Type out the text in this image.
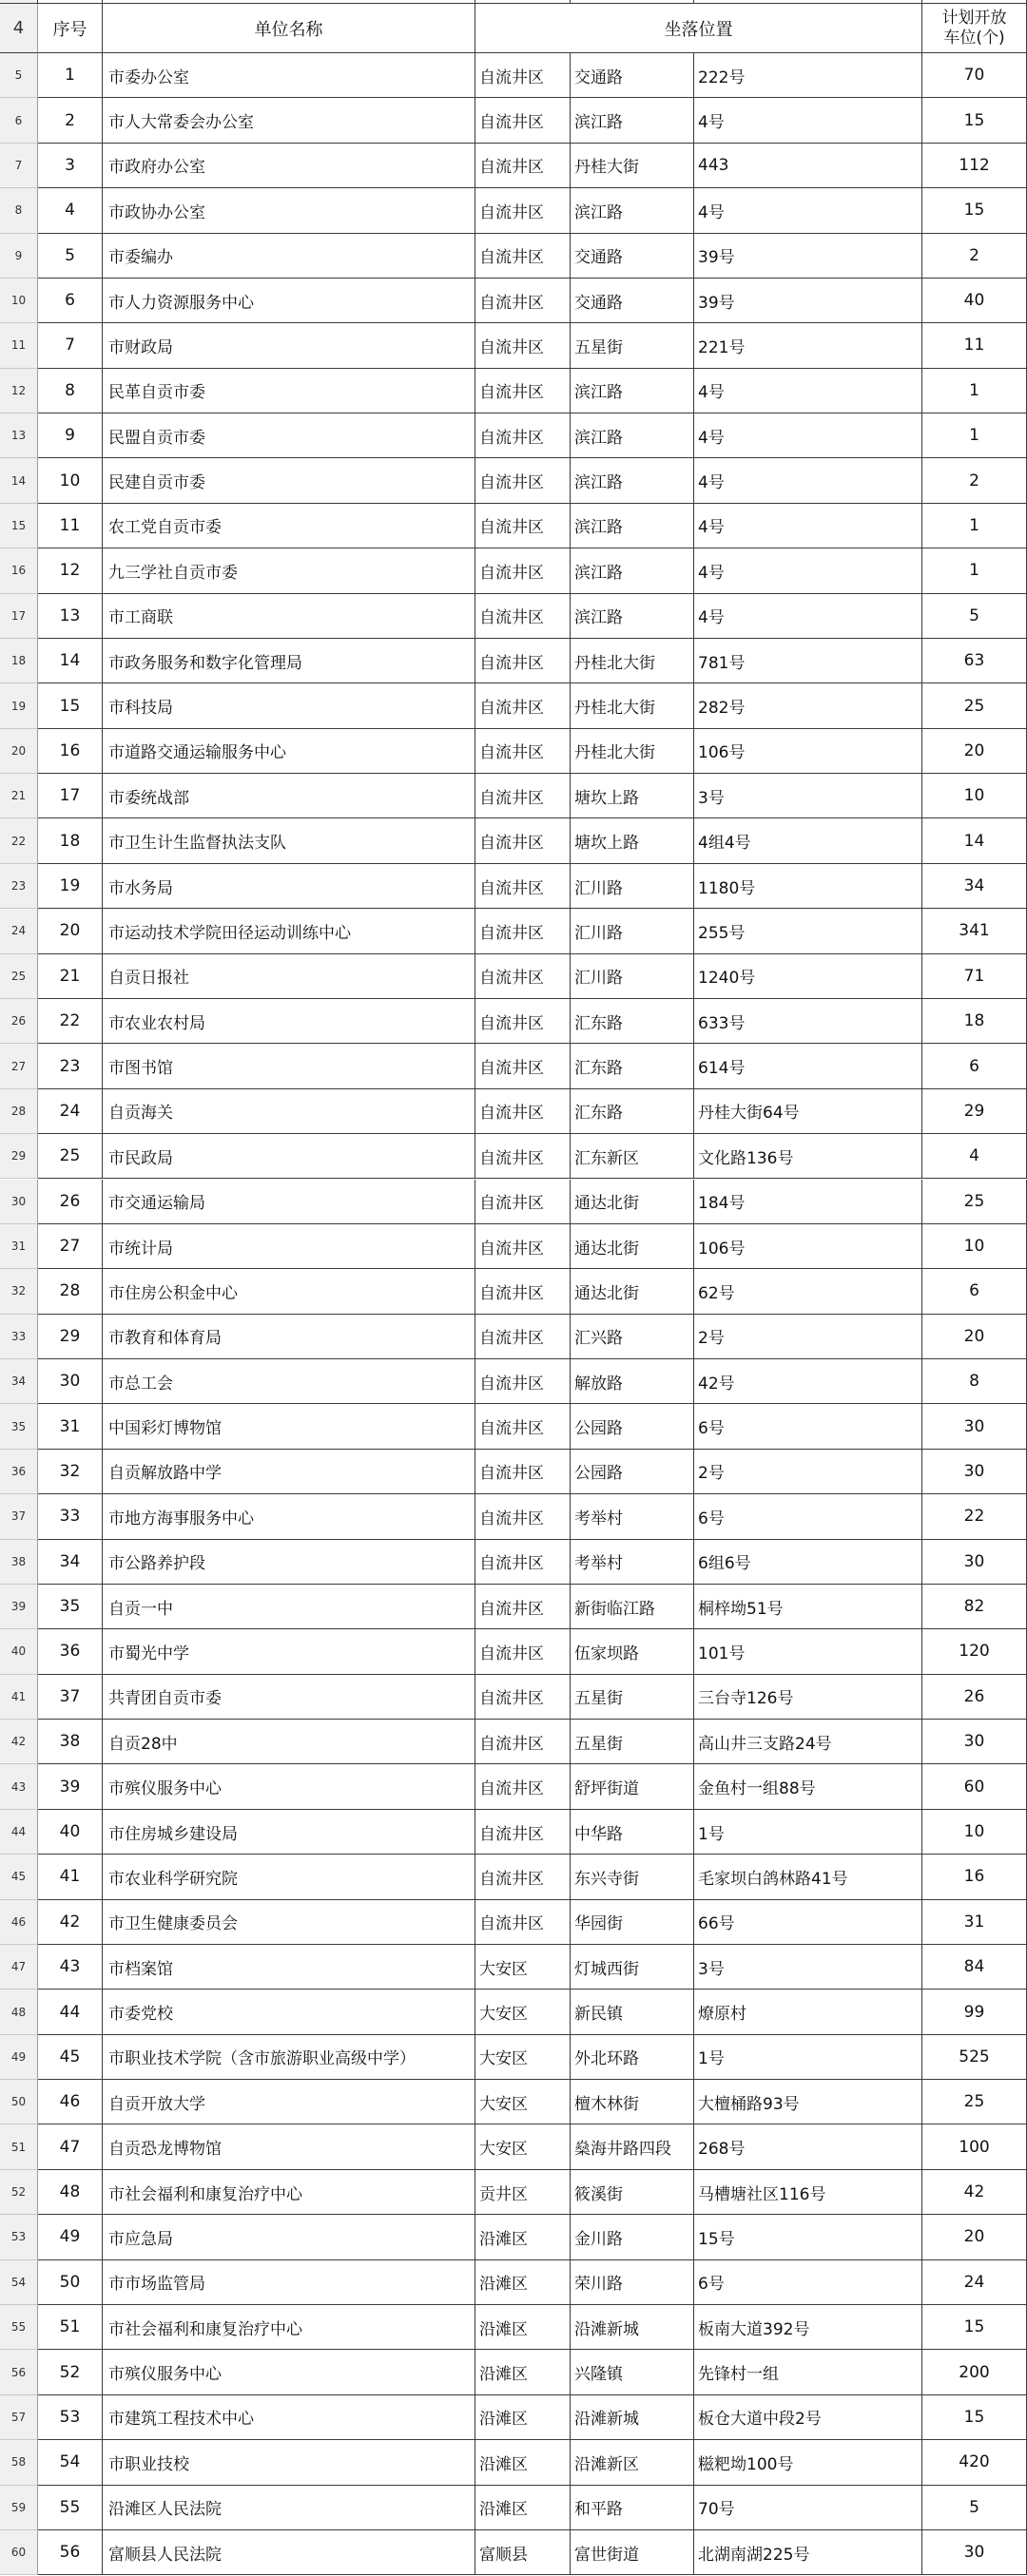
4	序号	单位名称	坐落位置
计划开放
车位(个)
5	1	市委办公室	自流井区	交通路	222号	70
6	2	市人大常委会办公室	自流井区	滨江路	4号	15
7	3	市政府办公室	自流井区	丹桂大街	443	112
8	4	市政协办公室	自流井区	滨江路	4号	15
9	5	市委编办	自流井区	交通路	39号	2
10	6	市人力资源服务中心	自流井区	交通路	39号	40
11	7	市财政局	自流井区	五星街	221号	11
12	8	民革自贡市委	自流井区	滨江路	4号	1
13	9	民盟自贡市委	自流井区	滨江路	4号	1
14	10	民建自贡市委	自流井区	滨江路	4号	2
15	11	农工党自贡市委	自流井区	滨江路	4号	1
16	12	九三学社自贡市委	自流井区	滨江路	4号	1
17	13	市工商联	自流井区	滨江路	4号	5
18	14	市政务服务和数字化管理局	自流井区	丹桂北大街	781号	63
19	15	市科技局	自流井区	丹桂北大街	282号	25
20	16	市道路交通运输服务中心	自流井区	丹桂北大街	106号	20
21	17	市委统战部	自流井区	塘坎上路	3号	10
22	18	市卫生计生监督执法支队	自流井区	塘坎上路	4组4号	14
23	19	市水务局	自流井区	汇川路	1180号	34
24	20	市运动技术学院田径运动训练中心	自流井区	汇川路	255号	341
25	21	自贡日报社	自流井区	汇川路	1240号	71
26	22	市农业农村局	自流井区	汇东路	633号	18
27	23	市图书馆	自流井区	汇东路	614号	6
28	24	自贡海关	自流井区	汇东路	丹桂大街64号	29
29	25	市民政局	自流井区	汇东新区	文化路136号	4
30	26	市交通运输局	自流井区	通达北街	184号	25
31	27	市统计局	自流井区	通达北街	106号	10
32	28	市住房公积金中心	自流井区	通达北街	62号	6
33	29	市教育和体育局	自流井区	汇兴路	2号	20
34	30	市总工会	自流井区	解放路	42号	8
35	31	中国彩灯博物馆	自流井区	公园路	6号	30
36	32	自贡解放路中学	自流井区	公园路	2号	30
37	33	市地方海事服务中心	自流井区	考举村	6号	22
38	34	市公路养护段	自流井区	考举村	6组6号	30
39	35	自贡一中	自流井区	新街临江路	桐梓坳51号	82
40	36	市蜀光中学	自流井区	伍家坝路	101号	120
41	37	共青团自贡市委	自流井区	五星街	三台寺126号	26
42	38	自贡28中	自流井区	五星街	高山井三支路24号	30
43	39	市殡仪服务中心	自流井区	舒坪街道	金鱼村一组88号	60
44	40	市住房城乡建设局	自流井区	中华路	1号	10
45	41	市农业科学研究院	自流井区	东兴寺街	毛家坝白鸽林路41号	16
46	42	市卫生健康委员会	自流井区	华园街	66号	31
47	43	市档案馆	大安区	灯城西街	3号	84
48	44	市委党校	大安区	新民镇	燎原村	99
49	45	市职业技术学院（含市旅游职业高级中学）	大安区	外北环路	1号	525
50	46	自贡开放大学	大安区	檀木林街	大檀桶路93号	25
51	47	自贡恐龙博物馆	大安区	燊海井路四段	268号	100
52	48	市社会福利和康复治疗中心	贡井区	筱溪街	马槽塘社区116号	42
53	49	市应急局	沿滩区	金川路	15号	20
54	50	市市场监管局	沿滩区	荣川路	6号	24
55	51	市社会福利和康复治疗中心	沿滩区	沿滩新城	板南大道392号	15
56	52	市殡仪服务中心	沿滩区	兴隆镇	先锋村一组	200
57	53	市建筑工程技术中心	沿滩区	沿滩新城	板仓大道中段2号	15
58	54	市职业技校	沿滩区	沿滩新区	糍粑坳100号	420
59	55	沿滩区人民法院	沿滩区	和平路	70号	5
60	56	富顺县人民法院	富顺县	富世街道	北湖南湖225号	30
